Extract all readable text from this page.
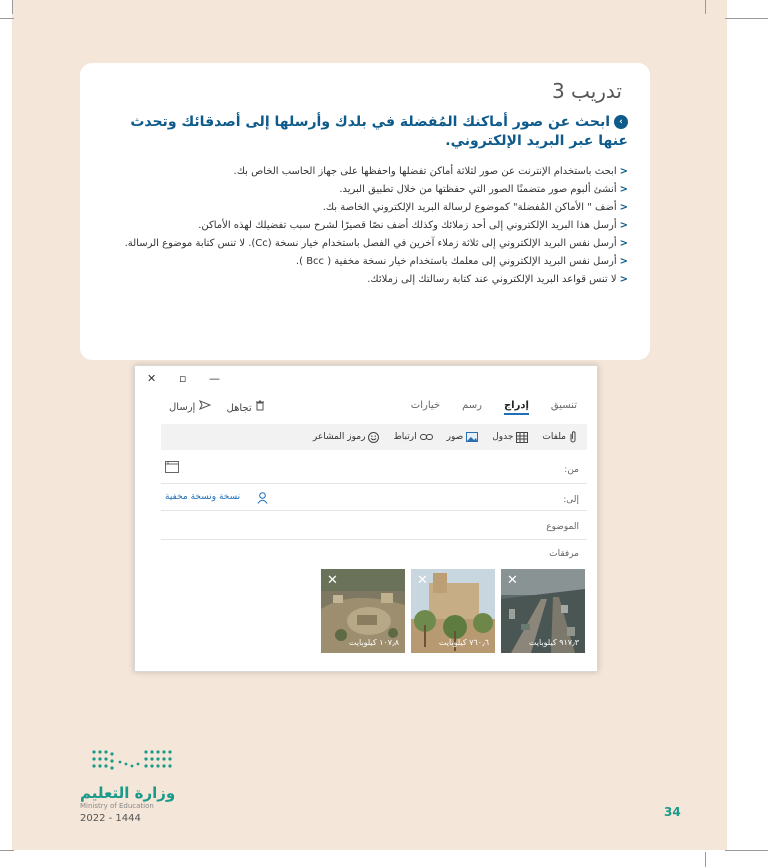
تدريب 3
›ابحث عن صور أماكنك المُفضلة في بلدك وأرسلها إلى أصدقائك وتحدث عنها عبر البريد الإلكتروني.
<ابحث باستخدام الإنترنت عن صور لثلاثة أماكن تفضلها واحفظها على جهاز الحاسب الخاص بك.
<أنشئ ألبوم صور متضمنًا الصور التي حفظتها من خلال تطبيق البريد.
<أضف " الأماكن المُفضلة" كموضوع لرسالة البريد الإلكتروني الخاصة بك.
<أرسل هذا البريد الإلكتروني إلى أحد زملائك وكذلك أضف نصًا قصيرًا لشرح سبب تفضيلك لهذه الأماكن.
<أرسل نفس البريد الإلكتروني إلى ثلاثة زملاء آخرين في الفصل باستخدام خيار نسخة (Cc). لا تنس كتابة موضوع الرسالة.
<أرسل نفس البريد الإلكتروني إلى معلمك باستخدام خيار نسخة مخفية ( Bcc ).
<لا تنس قواعد البريد الإلكتروني عند كتابة رسالتك إلى زملائك.
✕ ▫ —
تنسيق
إدراج
رسم
خيارات
تجاهل
إرسال
ملفات
جدول
صور
ارتباط
رموز المشاعر
من:
إلى:
نسخة ونسخة مخفية
الموضوع
مرفقات
✕
٩١٧٫٣ كيلوبايت
✕
٧٦٠٫٦ كيلوبايت
✕
١٠٧٫٨ كيلوبايت
وزارة التعليم
Ministry of Education
2022 - 1444	34
